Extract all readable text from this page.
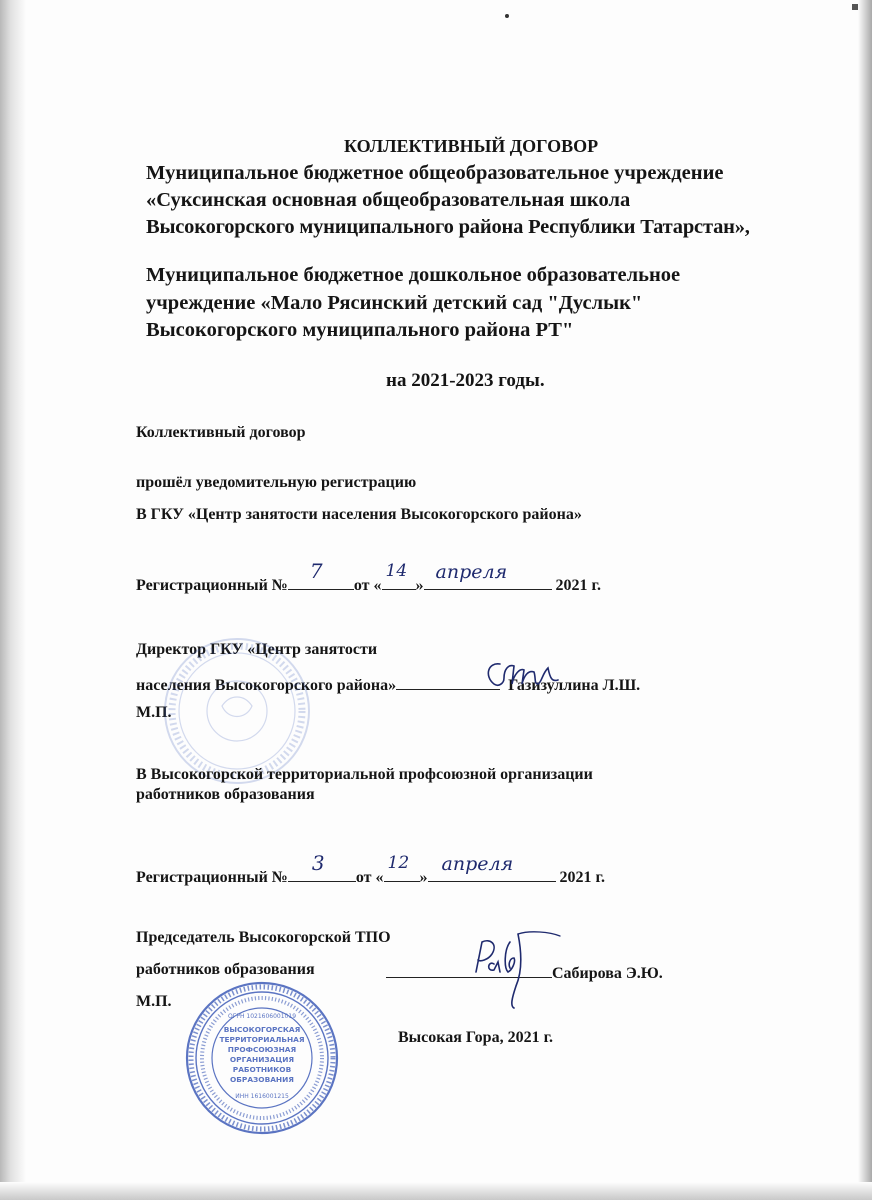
КОЛЛЕКТИВНЫЙ ДОГОВОР
Муниципальное бюджетное общеобразовательное учреждение
«Суксинская основная общеобразовательная школа
Высокогорского муниципального района Республики Татарстан»,
Муниципальное бюджетное дошкольное образовательное
учреждение «Мало Рясинский детский сад "Дуслык"
Высокогорского муниципального района РТ"
на 2021-2023 годы.
Коллективный договор
прошёл уведомительную регистрацию
В ГКУ «Центр занятости населения Высокогорского района»
Регистрационный №
7
от «
14
»
апреля
2021 г.
Директор ГКУ «Центр занятости
населения Высокогорского района»	Газизуллина Л.Ш.
М.П.
В Высокогорской территориальной профсоюзной организации
работников образования
Регистрационный №
3
от «
12
»
апреля
2021 г.
Председатель Высокогорской ТПО
работников образования	Сабирова Э.Ю.
М.П.
ОГРН 1021606001019
ВЫСОКОГОРСКАЯ
ТЕРРИТОРИАЛЬНАЯ
ПРОФСОЮЗНАЯ
ОРГАНИЗАЦИЯ
РАБОТНИКОВ
ОБРАЗОВАНИЯ
ИНН 1616001215
Высокая Гора, 2021 г.
